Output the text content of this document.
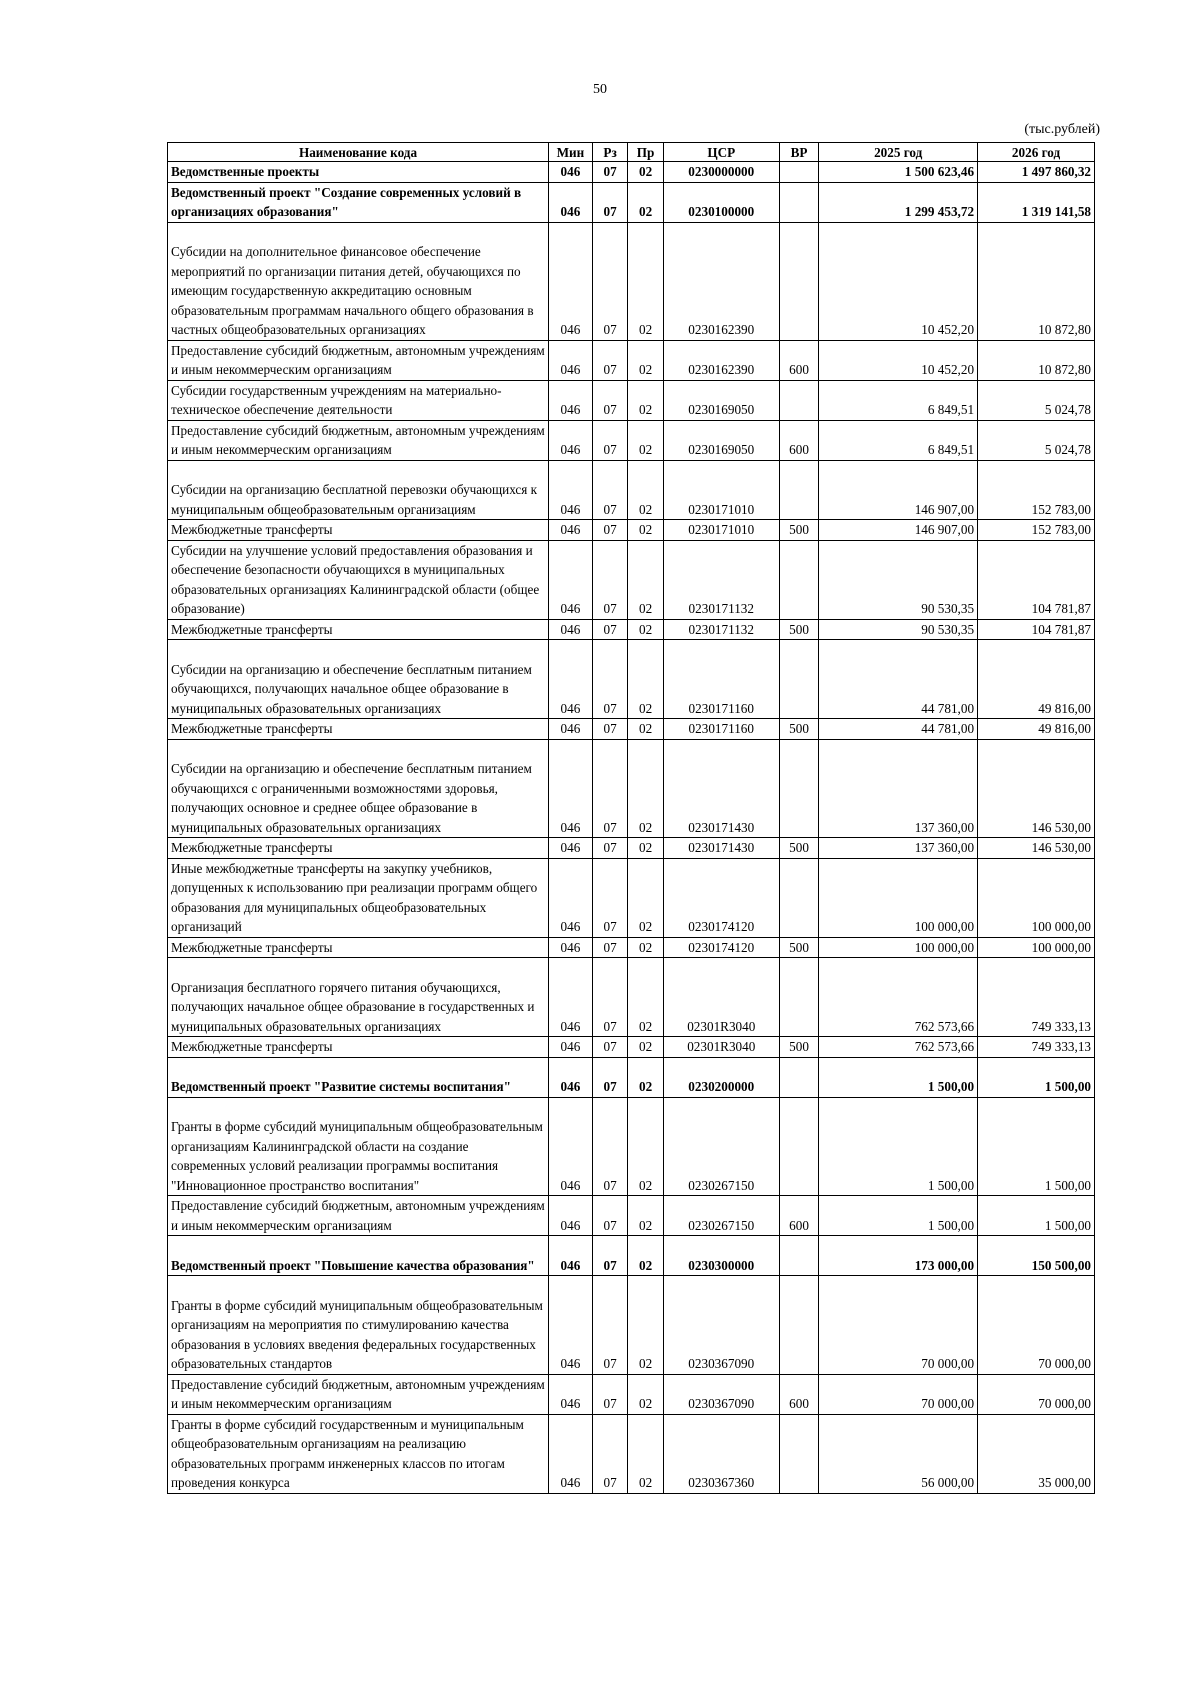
50
(тыс.рублей)
Наименование кода	Мин	Рз	Пр	ЦСР	ВР	2025 год	2026 год
Ведомственные проекты	046	07	02	0230000000		1 500 623,46	1 497 860,32
Ведомственный проект "Создание современных условий в организациях образования"	046	07	02	0230100000		1 299 453,72	1 319 141,58
Субсидии на дополнительное финансовое обеспечение мероприятий по организации питания детей, обучающихся по имеющим государственную аккредитацию основным образовательным программам начального общего образования в частных общеобразовательных организациях	046	07	02	0230162390		10 452,20	10 872,80
Предоставление субсидий бюджетным, автономным учреждениям и иным некоммерческим организациям	046	07	02	0230162390	600	10 452,20	10 872,80
Субсидии государственным учреждениям на материально-техническое обеспечение деятельности	046	07	02	0230169050		6 849,51	5 024,78
Предоставление субсидий бюджетным, автономным учреждениям и иным некоммерческим организациям	046	07	02	0230169050	600	6 849,51	5 024,78
Субсидии на организацию бесплатной перевозки обучающихся к муниципальным общеобразовательным организациям	046	07	02	0230171010		146 907,00	152 783,00
Межбюджетные трансферты	046	07	02	0230171010	500	146 907,00	152 783,00
Субсидии на улучшение условий предоставления образования и обеспечение безопасности обучающихся в муниципальных образовательных организациях Калининградской области (общее образование)	046	07	02	0230171132		90 530,35	104 781,87
Межбюджетные трансферты	046	07	02	0230171132	500	90 530,35	104 781,87
Субсидии на организацию и обеспечение бесплатным питанием обучающихся, получающих начальное общее образование в муниципальных образовательных организациях	046	07	02	0230171160		44 781,00	49 816,00
Межбюджетные трансферты	046	07	02	0230171160	500	44 781,00	49 816,00
Субсидии на организацию и обеспечение бесплатным питанием обучающихся с ограниченными возможностями здоровья, получающих основное и среднее общее образование в муниципальных образовательных организациях	046	07	02	0230171430		137 360,00	146 530,00
Межбюджетные трансферты	046	07	02	0230171430	500	137 360,00	146 530,00
Иные межбюджетные трансферты на закупку учебников, допущенных к использованию при реализации программ общего образования для муниципальных общеобразовательных организаций	046	07	02	0230174120		100 000,00	100 000,00
Межбюджетные трансферты	046	07	02	0230174120	500	100 000,00	100 000,00
Организация бесплатного горячего питания обучающихся, получающих начальное общее образование в государственных и муниципальных образовательных организациях	046	07	02	02301R3040		762 573,66	749 333,13
Межбюджетные трансферты	046	07	02	02301R3040	500	762 573,66	749 333,13
Ведомственный проект "Развитие системы воспитания"	046	07	02	0230200000		1 500,00	1 500,00
Гранты в форме субсидий муниципальным общеобразовательным организациям Калининградской области на создание современных условий реализации программы воспитания "Инновационное пространство воспитания"	046	07	02	0230267150		1 500,00	1 500,00
Предоставление субсидий бюджетным, автономным учреждениям и иным некоммерческим организациям	046	07	02	0230267150	600	1 500,00	1 500,00
Ведомственный проект "Повышение качества образования"	046	07	02	0230300000		173 000,00	150 500,00
Гранты в форме субсидий муниципальным общеобразовательным организациям на мероприятия по стимулированию качества образования в условиях введения федеральных государственных образовательных стандартов	046	07	02	0230367090		70 000,00	70 000,00
Предоставление субсидий бюджетным, автономным учреждениям и иным некоммерческим организациям	046	07	02	0230367090	600	70 000,00	70 000,00
Гранты в форме субсидий государственным и муниципальным общеобразовательным организациям на реализацию образовательных программ инженерных классов по итогам проведения конкурса	046	07	02	0230367360		56 000,00	35 000,00
